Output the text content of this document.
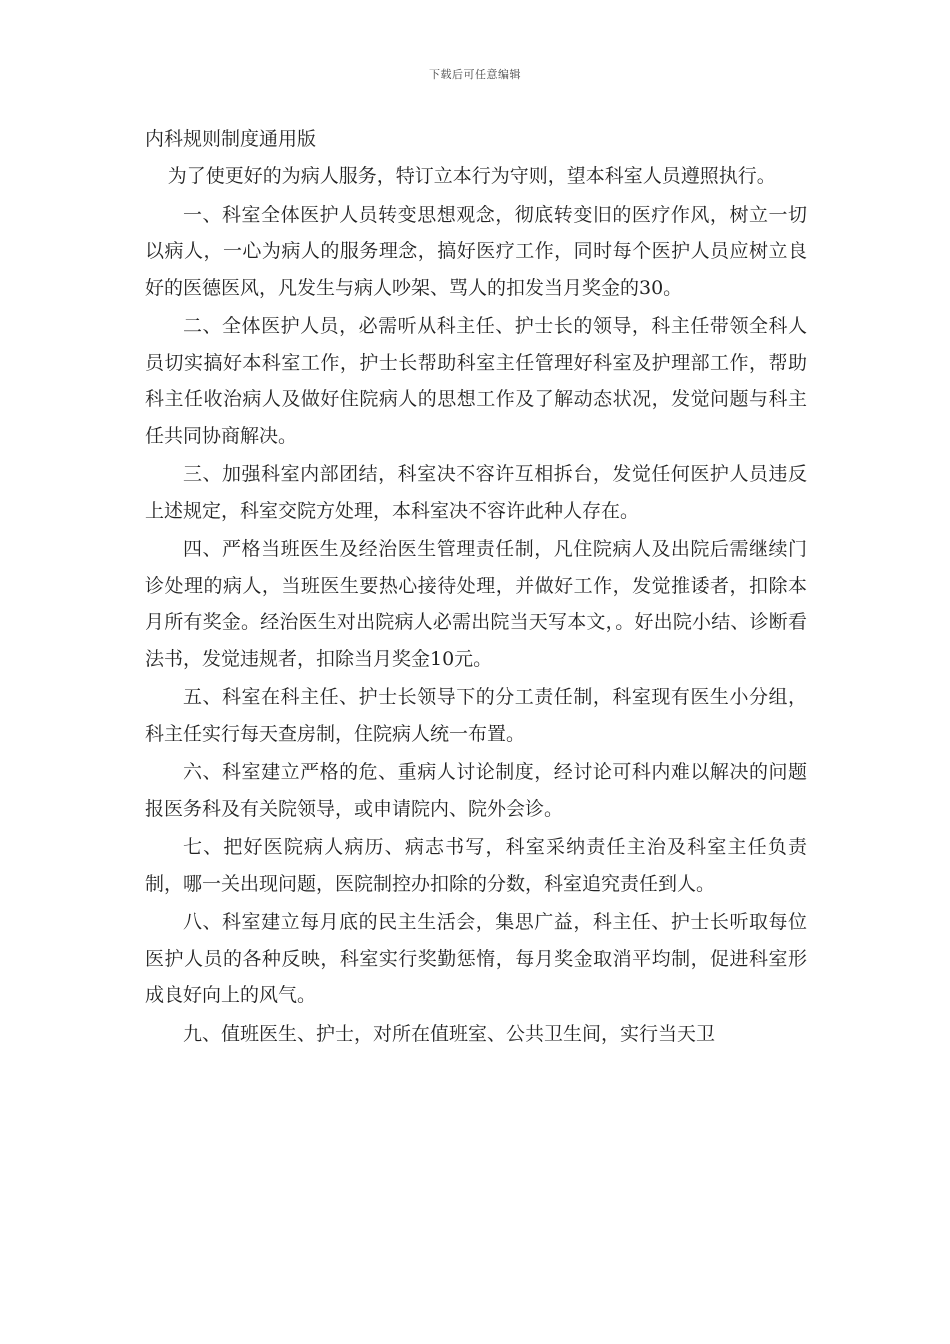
下载后可任意编辑
内科规则制度通用版

为了使更好的为病人服务，特订立本行为守则，望本科室人员遵照执行。

一、科室全体医护人员转变思想观念，彻底转变旧的医疗作风，树立一切以病人，一心为病人的服务理念，搞好医疗工作，同时每个医护人员应树立良好的医德医风，凡发生与病人吵架、骂人的扣发当月奖金的30。

二、全体医护人员，必需听从科主任、护士长的领导，科主任带领全科人员切实搞好本科室工作，护士长帮助科室主任管理好科室及护理部工作，帮助科主任收治病人及做好住院病人的思想工作及了解动态状况，发觉问题与科主任共同协商解决。

三、加强科室内部团结，科室决不容许互相拆台，发觉任何医护人员违反上述规定，科室交院方处理，本科室决不容许此种人存在。

四、严格当班医生及经治医生管理责任制，凡住院病人及出院后需继续门诊处理的病人，当班医生要热心接待处理，并做好工作，发觉推诿者，扣除本月所有奖金。经治医生对出院病人必需出院当天写本文，。好出院小结、诊断看法书，发觉违规者，扣除当月奖金10元。

五、科室在科主任、护士长领导下的分工责任制，科室现有医生小分组，科主任实行每天查房制，住院病人统一布置。

六、科室建立严格的危、重病人讨论制度，经讨论可科内难以解决的问题报医务科及有关院领导，或申请院内、院外会诊。

七、把好医院病人病历、病志书写，科室采纳责任主治及科室主任负责制，哪一关出现问题，医院制控办扣除的分数，科室追究责任到人。

八、科室建立每月底的民主生活会，集思广益，科主任、护士长听取每位医护人员的各种反映，科室实行奖勤惩惰，每月奖金取消平均制，促进科室形成良好向上的风气。

九、值班医生、护士，对所在值班室、公共卫生间，实行当天卫
